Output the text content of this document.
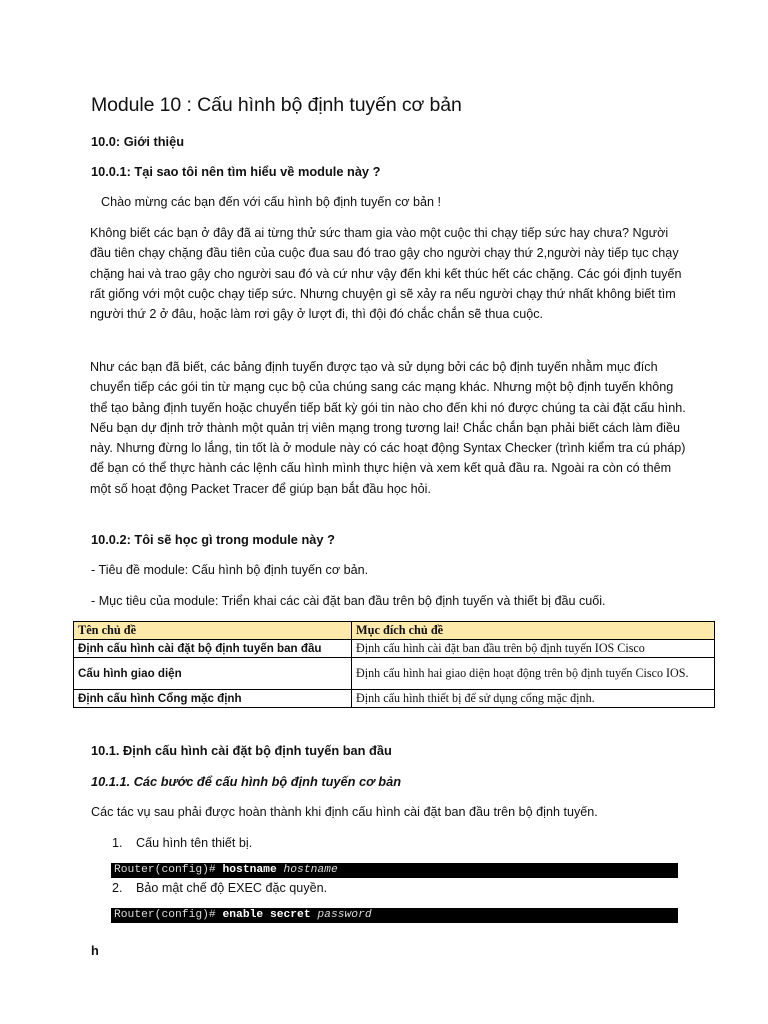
Module 10 : Cấu hình bộ định tuyến cơ bản
10.0: Giới thiệu
10.0.1: Tại sao tôi nên tìm hiểu về module này ?
Chào mừng các bạn đến với cấu hình bộ định tuyến cơ bản !
Không biết các bạn ở đây đã ai từng thử sức tham gia vào một cuộc thi chạy tiếp sức hay chưa? Người đầu tiên chạy chặng đầu tiên của cuộc đua sau đó trao gậy cho người chạy thứ 2,người này tiếp tục chạy chặng hai và trao gậy cho người sau đó và cứ như vậy đến khi kết thúc hết các chặng. Các gói định tuyến rất giống với một cuộc chạy tiếp sức. Nhưng chuyện gì sẽ xảy ra nếu người chạy thứ nhất không biết tìm người thứ 2 ở đâu, hoặc làm rơi gậy ở lượt đi, thì đội đó chắc chắn sẽ thua cuộc.
Như các bạn đã biết, các bảng định tuyến được tạo và sử dụng bởi các bộ định tuyến nhằm mục đích chuyển tiếp các gói tin từ mạng cục bộ của chúng sang các mạng khác. Nhưng một bộ định tuyến không thể tạo bảng định tuyến hoặc chuyển tiếp bất kỳ gói tin nào cho đến khi nó được chúng ta cài đặt cấu hình. Nếu bạn dự định trở thành một quản trị viên mạng trong tương lai! Chắc chắn bạn phải biết cách làm điều này. Nhưng đừng lo lắng, tin tốt là ở module này có các hoạt động Syntax Checker (trình kiểm tra cú pháp) để bạn có thể thực hành các lệnh cấu hình mình thực hiện và xem kết quả đầu ra. Ngoài ra còn có thêm một số hoạt động Packet Tracer để giúp bạn bắt đầu học hỏi.
10.0.2: Tôi sẽ học gì trong module này ?
- Tiêu đề module: Cấu hình bộ định tuyến cơ bản.
- Mục tiêu của module: Triển khai các cài đặt ban đầu trên bộ định tuyến và thiết bị đầu cuối.
Tên chủ đề	Mục đích chủ đề
Định cấu hình cài đặt bộ định tuyến ban đầu	Định cấu hình cài đặt ban đầu trên bộ định tuyến IOS Cisco
Cấu hình giao diện	Định cấu hình hai giao diện hoạt động trên bộ định tuyến Cisco IOS.
Định cấu hình Cổng mặc định	Định cấu hình thiết bị để sử dụng cổng mặc định.
10.1. Định cấu hình cài đặt bộ định tuyến ban đầu
10.1.1. Các bước để cấu hình bộ định tuyến cơ bản
Các tác vụ sau phải được hoàn thành khi định cấu hình cài đặt ban đầu trên bộ định tuyến.
1. Cấu hình tên thiết bị.
Router(config)# hostname hostname
2. Bảo mật chế độ EXEC đặc quyền.
Router(config)# enable secret password
h
